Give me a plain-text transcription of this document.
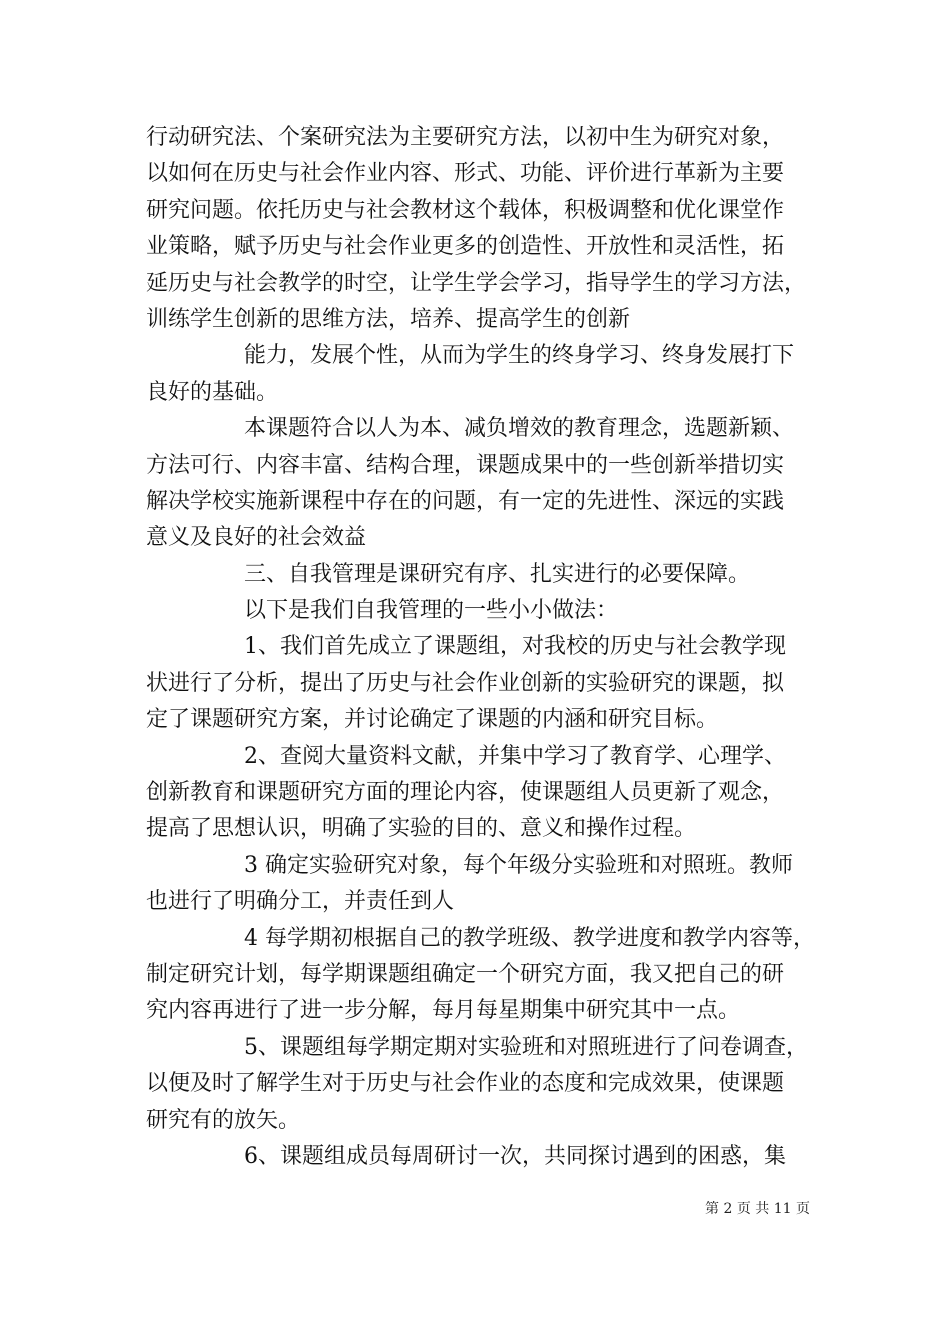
行动研究法、个案研究法为主要研究方法，以初中生为研究对象，
以如何在历史与社会作业内容、形式、功能、评价进行革新为主要
研究问题。依托历史与社会教材这个载体，积极调整和优化课堂作
业策略，赋予历史与社会作业更多的创造性、开放性和灵活性，拓
延历史与社会教学的时空，让学生学会学习，指导学生的学习方法，
训练学生创新的思维方法，培养、提高学生的创新
能力，发展个性，从而为学生的终身学习、终身发展打下
良好的基础。
本课题符合以人为本、减负增效的教育理念，选题新颖、
方法可行、内容丰富、结构合理，课题成果中的一些创新举措切实
解决学校实施新课程中存在的问题，有一定的先进性、深远的实践
意义及良好的社会效益
三、自我管理是课研究有序、扎实进行的必要保障。
以下是我们自我管理的一些小小做法：
1、我们首先成立了课题组，对我校的历史与社会教学现
状进行了分析，提出了历史与社会作业创新的实验研究的课题，拟
定了课题研究方案，并讨论确定了课题的内涵和研究目标。
2、查阅大量资料文献，并集中学习了教育学、心理学、
创新教育和课题研究方面的理论内容，使课题组人员更新了观念，
提高了思想认识，明确了实验的目的、意义和操作过程。
3 确定实验研究对象，每个年级分实验班和对照班。教师
也进行了明确分工，并责任到人
4 每学期初根据自己的教学班级、教学进度和教学内容等，
制定研究计划，每学期课题组确定一个研究方面，我又把自己的研
究内容再进行了进一步分解，每月每星期集中研究其中一点。
5、课题组每学期定期对实验班和对照班进行了问卷调查，
以便及时了解学生对于历史与社会作业的态度和完成效果，使课题
研究有的放矢。
6、课题组成员每周研讨一次，共同探讨遇到的困惑，集
第 2 页 共 11 页
